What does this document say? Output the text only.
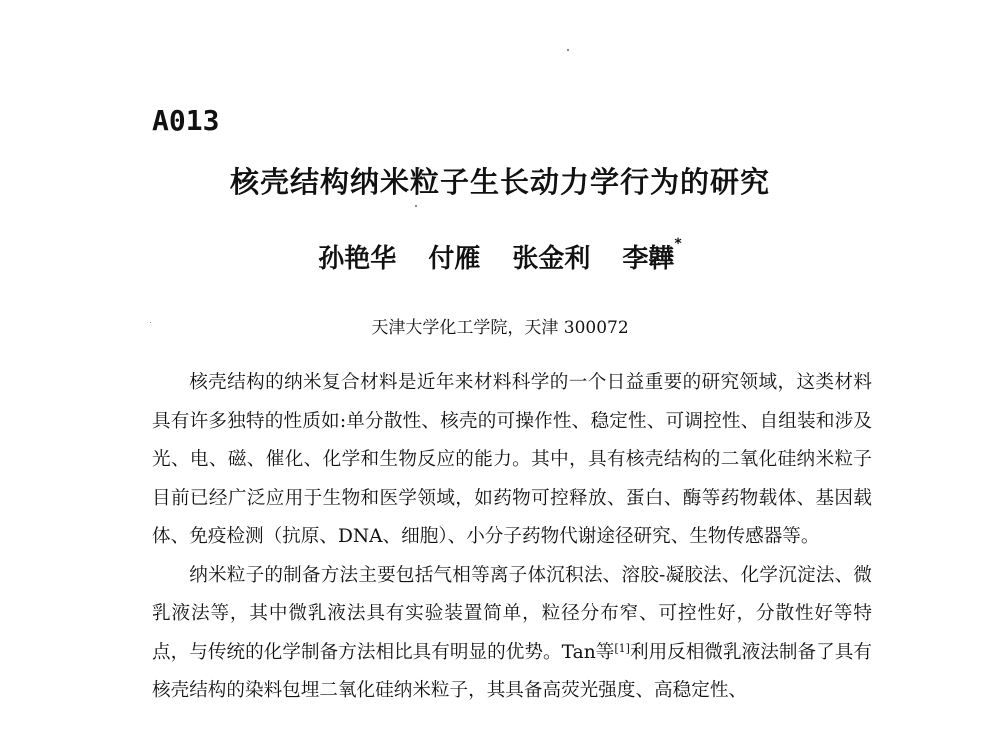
A013
核壳结构纳米粒子生长动力学行为的研究
孙艳华 付雁 张金利 李韡*
天津大学化工学院，天津 300072

核壳结构的纳米复合材料是近年来材料科学的一个日益重要的研究领域，这类材料具有许多独特的性质如:单分散性、核壳的可操作性、稳定性、可调控性、自组装和涉及光、电、磁、催化、化学和生物反应的能力。其中，具有核壳结构的二氧化硅纳米粒子目前已经广泛应用于生物和医学领域，如药物可控释放、蛋白、酶等药物载体、基因载体、免疫检测（抗原、DNA、细胞）、小分子药物代谢途径研究、生物传感器等。

纳米粒子的制备方法主要包括气相等离子体沉积法、溶胶-凝胶法、化学沉淀法、微乳液法等，其中微乳液法具有实验装置简单，粒径分布窄、可控性好，分散性好等特点，与传统的化学制备方法相比具有明显的优势。Tan等[1]利用反相微乳液法制备了具有核壳结构的染料包埋二氧化硅纳米粒子，其具备高荧光强度、高稳定性、
